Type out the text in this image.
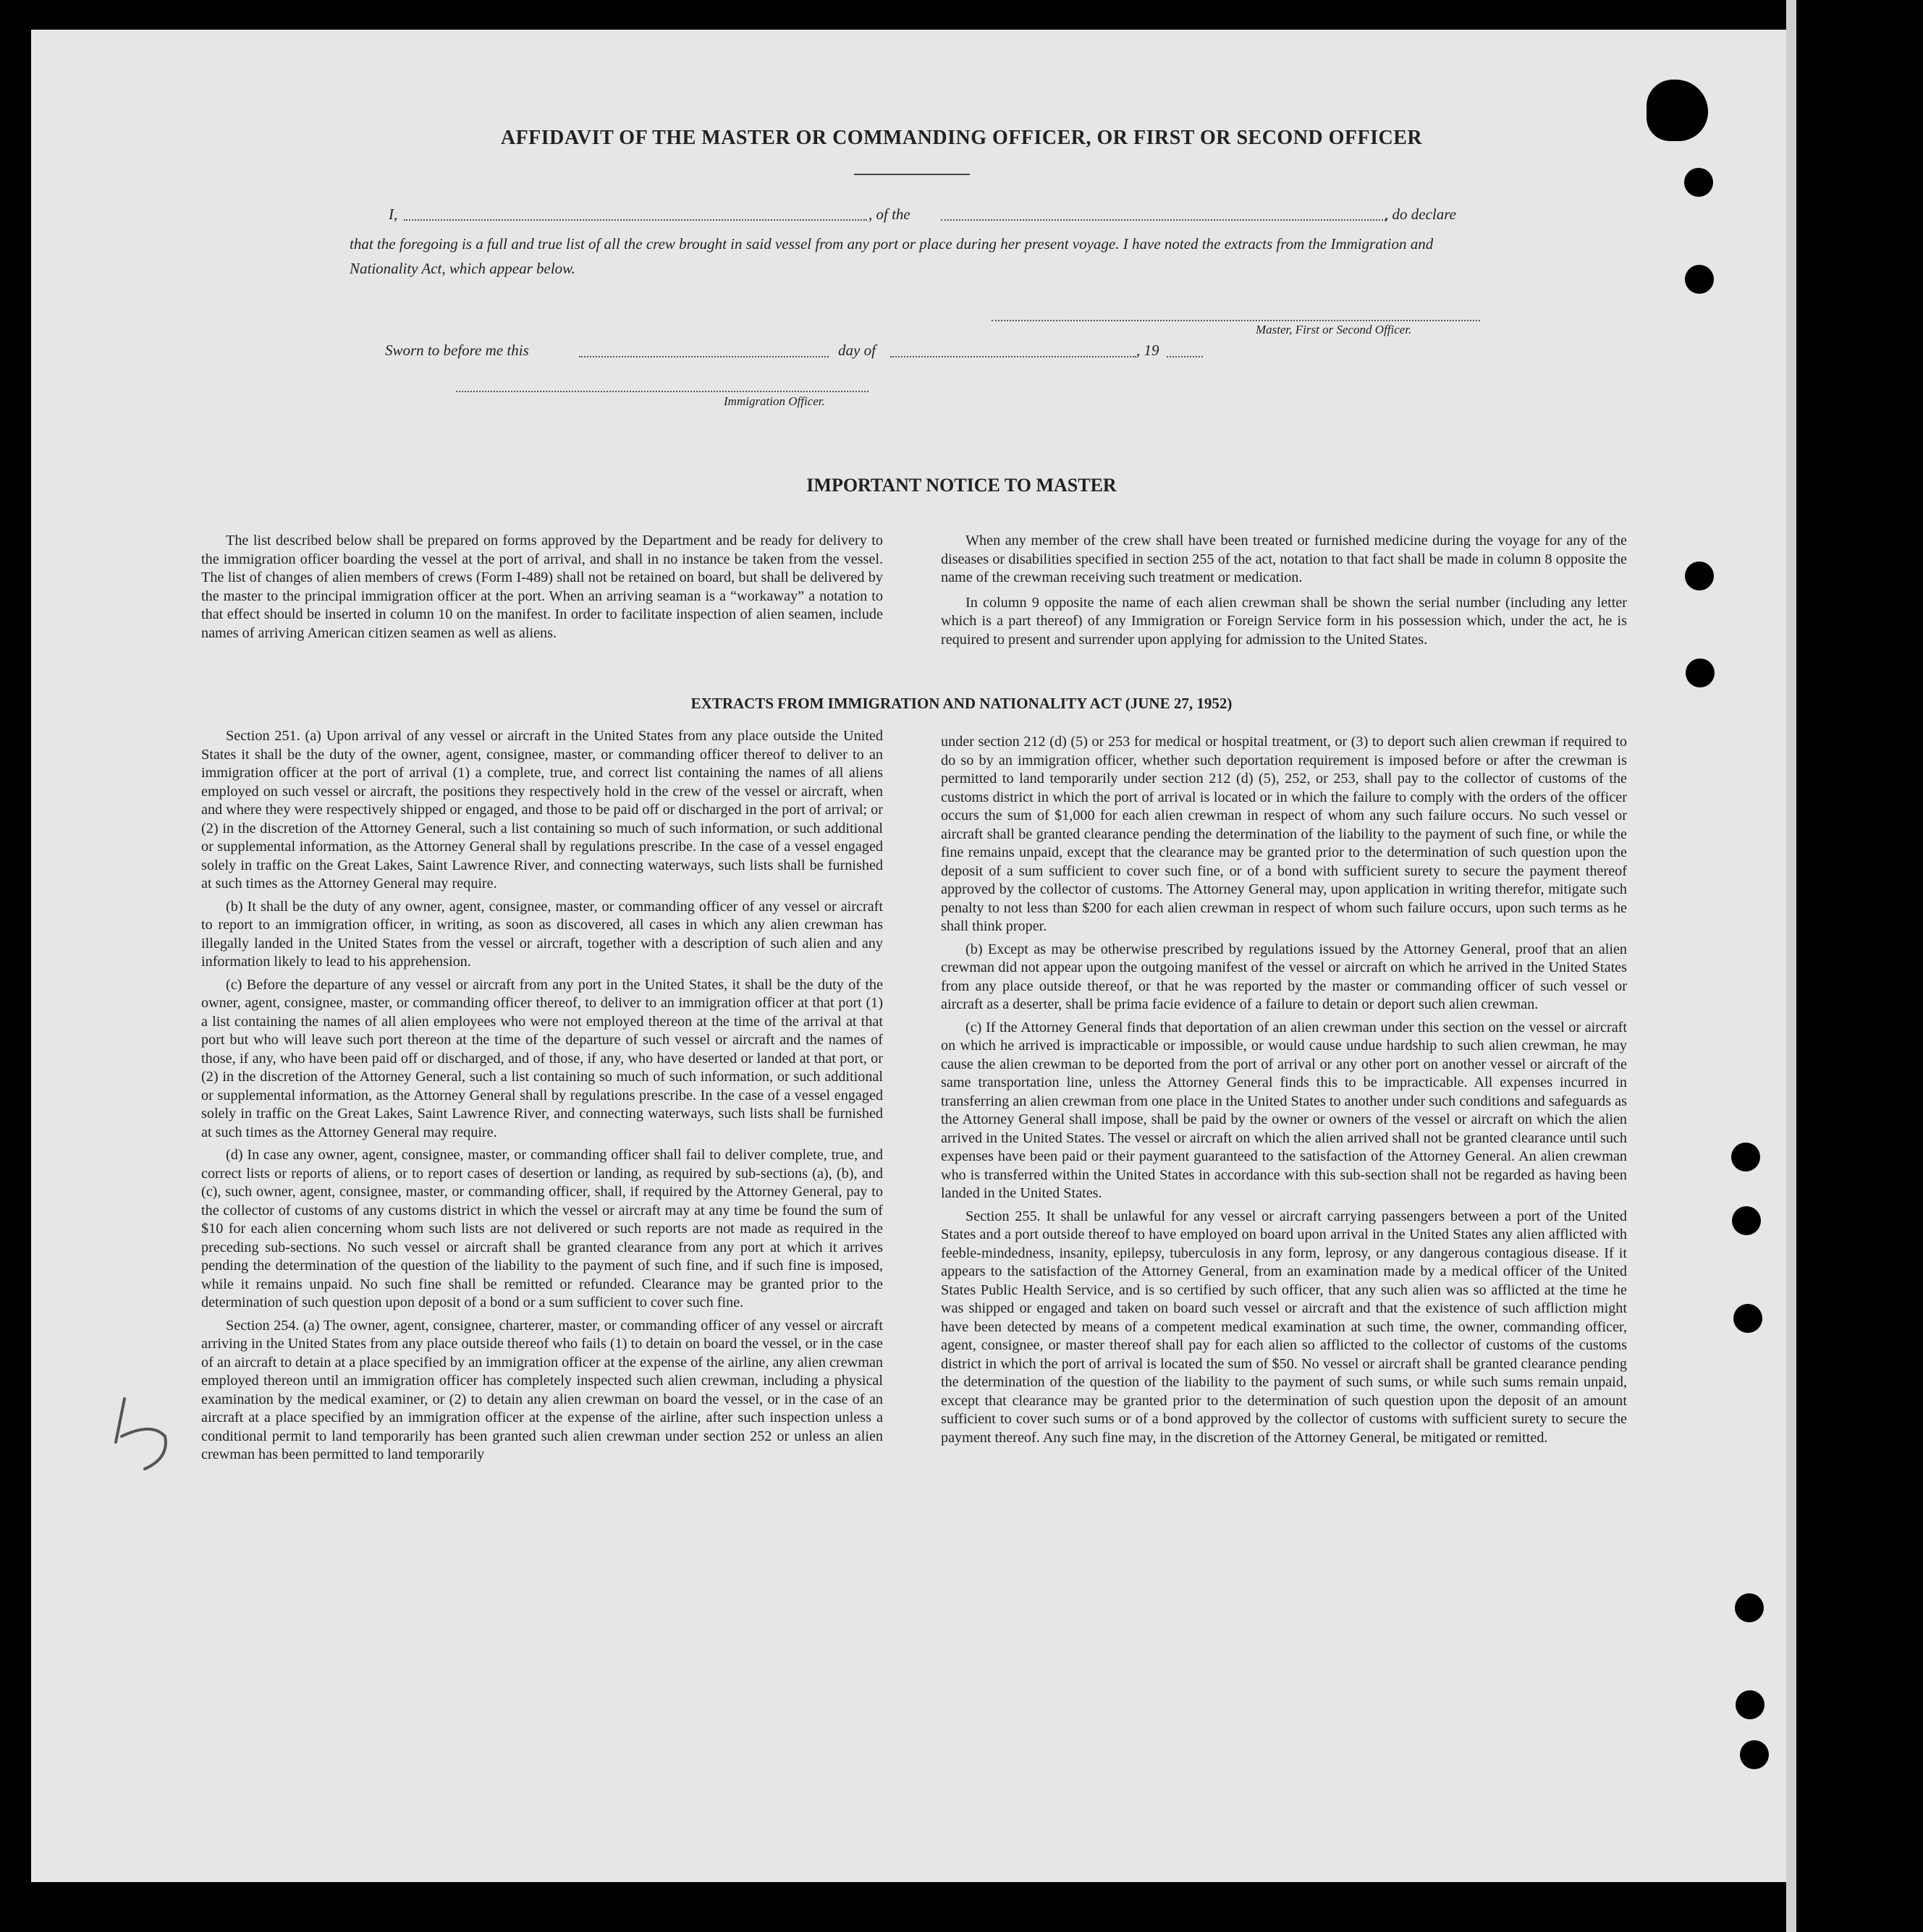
AFFIDAVIT OF THE MASTER OR COMMANDING OFFICER, OR FIRST OR SECOND OFFICER
I,	, of the	, do declare
that the foregoing is a full and true list of all the crew brought in said vessel from any port or place during her present voyage. I have noted the extracts from the Immigration and Nationality Act, which appear below.
Master, First or Second Officer.
Sworn to before me this	day of	, 19
Immigration Officer.
IMPORTANT NOTICE TO MASTER

The list described below shall be prepared on forms approved by the Department and be ready for delivery to the immigration officer boarding the vessel at the port of arrival, and shall in no instance be taken from the vessel. The list of changes of alien members of crews (Form I-489) shall not be retained on board, but shall be delivered by the master to the principal immigration officer at the port. When an arriving seaman is a “workaway” a notation to that effect should be inserted in column 10 on the manifest. In order to facilitate inspection of alien seamen, include names of arriving American citizen seamen as well as aliens.

When any member of the crew shall have been treated or furnished medicine during the voyage for any of the diseases or disabilities specified in section 255 of the act, notation to that fact shall be made in column 8 opposite the name of the crewman receiving such treatment or medication.

In column 9 opposite the name of each alien crewman shall be shown the serial number (including any letter which is a part thereof) of any Immigration or Foreign Service form in his possession which, under the act, he is required to present and surrender upon applying for admission to the United States.

EXTRACTS FROM IMMIGRATION AND NATIONALITY ACT (JUNE 27, 1952)

Section 251. (a) Upon arrival of any vessel or aircraft in the United States from any place outside the United States it shall be the duty of the owner, agent, consignee, master, or commanding officer thereof to deliver to an immigration officer at the port of arrival (1) a complete, true, and correct list containing the names of all aliens employed on such vessel or aircraft, the positions they respectively hold in the crew of the vessel or aircraft, when and where they were respectively shipped or engaged, and those to be paid off or discharged in the port of arrival; or (2) in the discretion of the Attorney General, such a list containing so much of such information, or such additional or supplemental information, as the Attorney General shall by regulations prescribe. In the case of a vessel engaged solely in traffic on the Great Lakes, Saint Lawrence River, and connecting waterways, such lists shall be furnished at such times as the Attorney General may require.

(b) It shall be the duty of any owner, agent, consignee, master, or commanding officer of any vessel or aircraft to report to an immigration officer, in writing, as soon as discovered, all cases in which any alien crewman has illegally landed in the United States from the vessel or aircraft, together with a description of such alien and any information likely to lead to his apprehension.

(c) Before the departure of any vessel or aircraft from any port in the United States, it shall be the duty of the owner, agent, consignee, master, or commanding officer thereof, to deliver to an immigration officer at that port (1) a list containing the names of all alien employees who were not employed thereon at the time of the arrival at that port but who will leave such port thereon at the time of the departure of such vessel or aircraft and the names of those, if any, who have been paid off or discharged, and of those, if any, who have deserted or landed at that port, or (2) in the discretion of the Attorney General, such a list containing so much of such information, or such additional or supplemental information, as the Attorney General shall by regulations prescribe. In the case of a vessel engaged solely in traffic on the Great Lakes, Saint Lawrence River, and connecting waterways, such lists shall be furnished at such times as the Attorney General may require.

(d) In case any owner, agent, consignee, master, or commanding officer shall fail to deliver complete, true, and correct lists or reports of aliens, or to report cases of desertion or landing, as required by sub-sections (a), (b), and (c), such owner, agent, consignee, master, or commanding officer, shall, if required by the Attorney General, pay to the collector of customs of any customs district in which the vessel or aircraft may at any time be found the sum of $10 for each alien concerning whom such lists are not delivered or such reports are not made as required in the preceding sub-sections. No such vessel or aircraft shall be granted clearance from any port at which it arrives pending the determination of the question of the liability to the payment of such fine, and if such fine is imposed, while it remains unpaid. No such fine shall be remitted or refunded. Clearance may be granted prior to the determination of such question upon deposit of a bond or a sum sufficient to cover such fine.

Section 254. (a) The owner, agent, consignee, charterer, master, or commanding officer of any vessel or aircraft arriving in the United States from any place outside thereof who fails (1) to detain on board the vessel, or in the case of an aircraft to detain at a place specified by an immigration officer at the expense of the airline, any alien crewman employed thereon until an immigration officer has completely inspected such alien crewman, including a physical examination by the medical examiner, or (2) to detain any alien crewman on board the vessel, or in the case of an aircraft at a place specified by an immigration officer at the expense of the airline, after such inspection unless a conditional permit to land temporarily has been granted such alien crewman under section 252 or unless an alien crewman has been permitted to land temporarily

under section 212 (d) (5) or 253 for medical or hospital treatment, or (3) to deport such alien crewman if required to do so by an immigration officer, whether such deportation requirement is imposed before or after the crewman is permitted to land temporarily under section 212 (d) (5), 252, or 253, shall pay to the collector of customs of the customs district in which the port of arrival is located or in which the failure to comply with the orders of the officer occurs the sum of $1,000 for each alien crewman in respect of whom any such failure occurs. No such vessel or aircraft shall be granted clearance pending the determination of the liability to the payment of such fine, or while the fine remains unpaid, except that the clearance may be granted prior to the determination of such question upon the deposit of a sum sufficient to cover such fine, or of a bond with sufficient surety to secure the payment thereof approved by the collector of customs. The Attorney General may, upon application in writing therefor, mitigate such penalty to not less than $200 for each alien crewman in respect of whom such failure occurs, upon such terms as he shall think proper.

(b) Except as may be otherwise prescribed by regulations issued by the Attorney General, proof that an alien crewman did not appear upon the outgoing manifest of the vessel or aircraft on which he arrived in the United States from any place outside thereof, or that he was reported by the master or commanding officer of such vessel or aircraft as a deserter, shall be prima facie evidence of a failure to detain or deport such alien crewman.

(c) If the Attorney General finds that deportation of an alien crewman under this section on the vessel or aircraft on which he arrived is impracticable or impossible, or would cause undue hardship to such alien crewman, he may cause the alien crewman to be deported from the port of arrival or any other port on another vessel or aircraft of the same transportation line, unless the Attorney General finds this to be impracticable. All expenses incurred in transferring an alien crewman from one place in the United States to another under such conditions and safeguards as the Attorney General shall impose, shall be paid by the owner or owners of the vessel or aircraft on which the alien arrived in the United States. The vessel or aircraft on which the alien arrived shall not be granted clearance until such expenses have been paid or their payment guaranteed to the satisfaction of the Attorney General. An alien crewman who is transferred within the United States in accordance with this sub-section shall not be regarded as having been landed in the United States.

Section 255. It shall be unlawful for any vessel or aircraft carrying passengers between a port of the United States and a port outside thereof to have employed on board upon arrival in the United States any alien afflicted with feeble-mindedness, insanity, epilepsy, tuberculosis in any form, leprosy, or any dangerous contagious disease. If it appears to the satisfaction of the Attorney General, from an examination made by a medical officer of the United States Public Health Service, and is so certified by such officer, that any such alien was so afflicted at the time he was shipped or engaged and taken on board such vessel or aircraft and that the existence of such affliction might have been detected by means of a competent medical examination at such time, the owner, commanding officer, agent, consignee, or master thereof shall pay for each alien so afflicted to the collector of customs of the customs district in which the port of arrival is located the sum of $50. No vessel or aircraft shall be granted clearance pending the determination of the question of the liability to the payment of such sums, or while such sums remain unpaid, except that clearance may be granted prior to the determination of such question upon the deposit of an amount sufficient to cover such sums or of a bond approved by the collector of customs with sufficient surety to secure the payment thereof. Any such fine may, in the discretion of the Attorney General, be mitigated or remitted.
